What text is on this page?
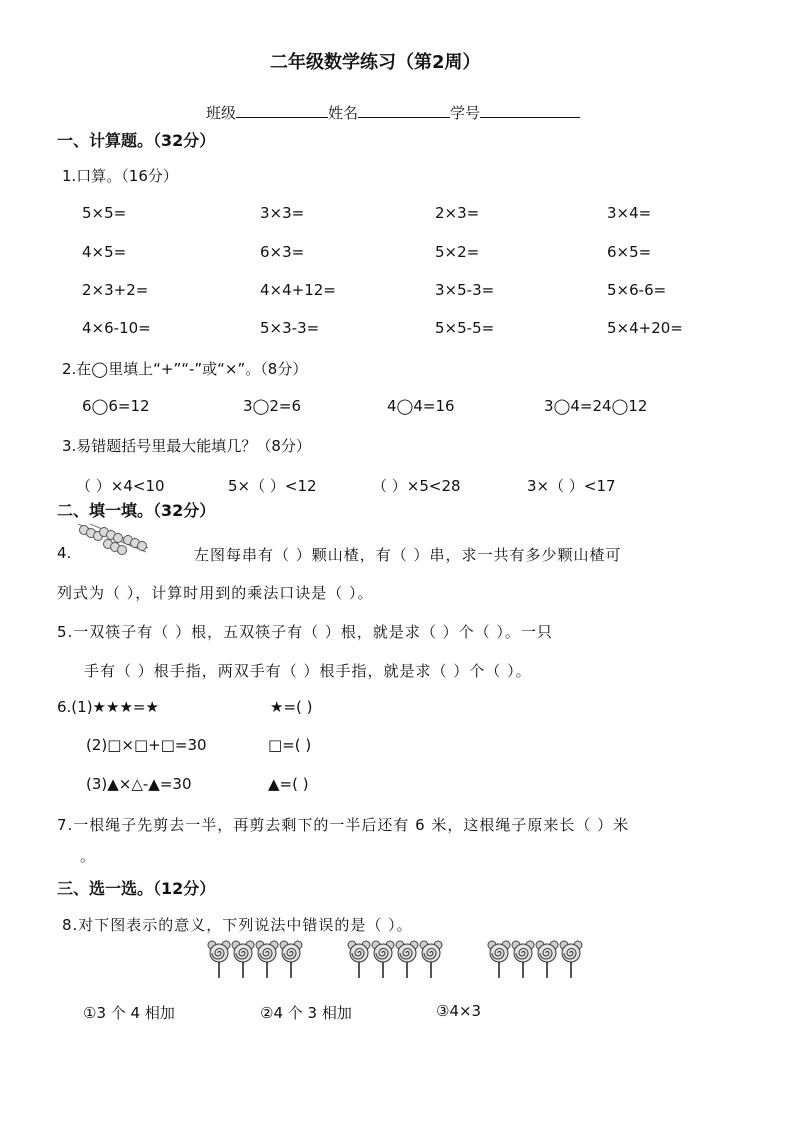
二年级数学练习（第2周）
班级	姓名	学号
一、计算题。（32分）
1.口算。（16分）
5×5=	3×3=	2×3=	3×4=
4×5=	6×3=	5×2=	6×5=
2×3+2=	4×4+12=	3×5-3=	5×6-6=
4×6-10=	5×3-3=	5×5-5=	5×4+20=
2.在◯里填上“+”“-”或“×”。（8分）
6◯6=12	3◯2=6	4◯4=16	3◯4=24◯12
3.易错题括号里最大能填几？（8分）
（ ）×4<10	5×（ ）<12	（ ）×5<28	3×（ ）<17
二、填一填。（32分）
4.	左图每串有（ ）颗山楂，有（ ）串，求一共有多少颗山楂可
列式为（ ），计算时用到的乘法口诀是（ ）。
5.一双筷子有（ ）根，五双筷子有（ ）根，就是求（ ）个（ ）。一只
手有（ ）根手指，两双手有（ ）根手指，就是求（ ）个（ ）。
6.(1)★★★=★	★=( )
(2)□×□+□=30	□=( )
(3)▲×△-▲=30	▲=( )
7.一根绳子先剪去一半，再剪去剩下的一半后还有 6 米，这根绳子原来长（ ）米
。
三、选一选。（12分）
8.对下图表示的意义，下列说法中错误的是（ ）。
①3 个 4 相加	②4 个 3 相加	③4×3
